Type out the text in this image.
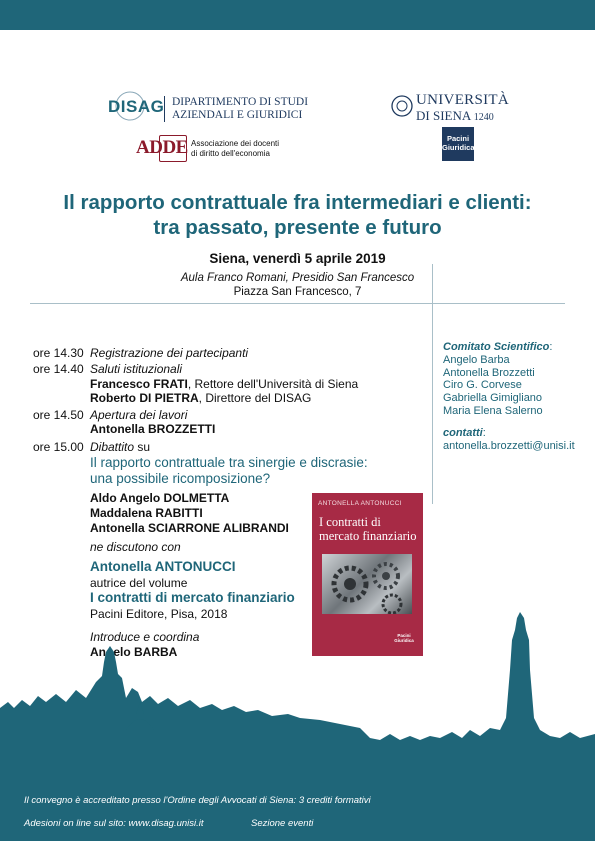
DISAG DIPARTIMENTO DI STUDI
AZIENDALI E GIURIDICI
UNIVERSITÀ
DI SIENA 1240
ADDE Associazione dei docenti
di diritto dell'economia
Pacini
Giuridica
Il rapporto contrattuale fra intermediari e clienti:
tra passato, presente e futuro
Siena, venerdì 5 aprile 2019
Aula Franco Romani, Presidio San Francesco
Piazza San Francesco, 7
ore 14.30 Registrazione dei partecipanti
ore 14.40 Saluti istituzionali
Francesco FRATI, Rettore dell'Università di Siena
Roberto DI PIETRA, Direttore del DISAG
ore 14.50 Apertura dei lavori
Antonella BROZZETTI
ore 15.00 Dibattito su
Il rapporto contrattuale tra sinergie e discrasie:
una possibile ricomposizione?
Aldo Angelo DOLMETTA
Maddalena RABITTI
Antonella SCIARRONE ALIBRANDI
ne discutono con
Antonella ANTONUCCI
autrice del volume
I contratti di mercato finanziario
Pacini Editore, Pisa, 2018
Introduce e coordina
Angelo BARBA
ANTONELLA ANTONUCCI
I contratti di
mercato finanziario
Pacini
Giuridica
Comitato Scientifico:
Angelo Barba
Antonella Brozzetti
Ciro G. Corvese
Gabriella Gimigliano
Maria Elena Salerno
contatti:
antonella.brozzetti@unisi.it
Il convegno è accreditato presso l'Ordine degli Avvocati di Siena: 3 crediti formativi
Adesioni on line sul sito: www.disag.unisi.it	Sezione eventi
